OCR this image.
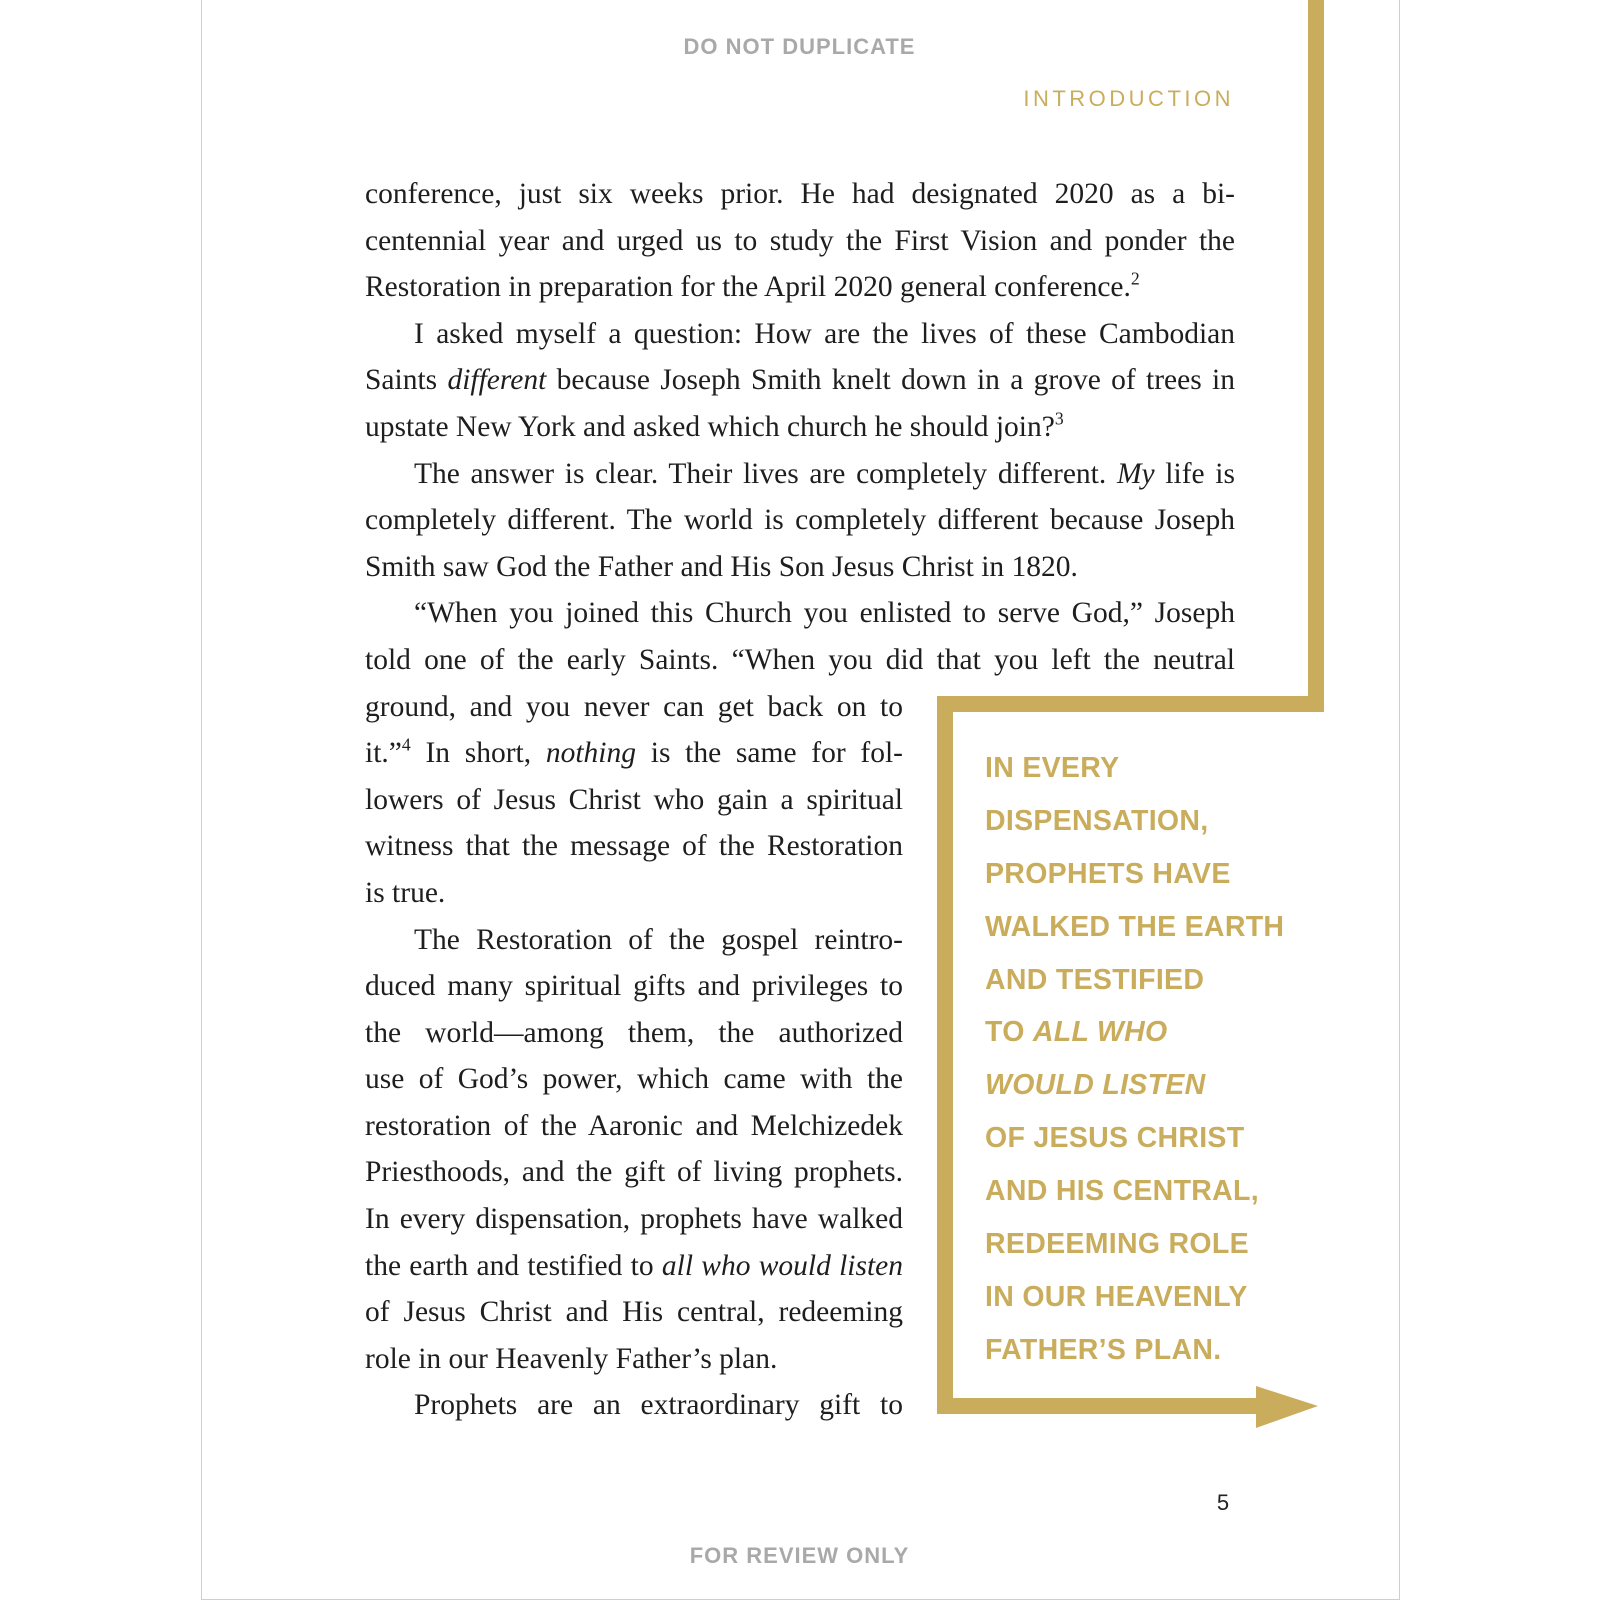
DO NOT DUPLICATE
INTRODUCTION
conference, just six weeks prior. He had designated 2020 as a bi-
centennial year and urged us to study the First Vision and ponder the
Restoration in preparation for the April 2020 general conference.$^2$
I asked myself a question: How are the lives of these Cambodian
Saints different because Joseph Smith knelt down in a grove of trees in
upstate New York and asked which church he should join?$^3$
The answer is clear. Their lives are completely different. My life is
completely different. The world is completely different because Joseph
Smith saw God the Father and His Son Jesus Christ in 1820.
“When you joined this Church you enlisted to serve God,” Joseph
told one of the early Saints. “When you did that you left the neutral
ground, and you never can get back on to
it.”$^4$ In short, nothing is the same for fol-
lowers of Jesus Christ who gain a spiritual
witness that the message of the Restoration
is true.
The Restoration of the gospel reintro-
duced many spiritual gifts and privileges to
the world—among them, the authorized
use of God’s power, which came with the
restoration of the Aaronic and Melchizedek
Priesthoods, and the gift of living prophets.
In every dispensation, prophets have walked
the earth and testified to all who would listen
of Jesus Christ and His central, redeeming
role in our Heavenly Father’s plan.
Prophets are an extraordinary gift to
IN EVERY
DISPENSATION,
PROPHETS HAVE
WALKED THE EARTH
AND TESTIFIED
TO ALL WHO
WOULD LISTEN
OF JESUS CHRIST
AND HIS CENTRAL,
REDEEMING ROLE
IN OUR HEAVENLY
FATHER’S PLAN.
5
FOR REVIEW ONLY
